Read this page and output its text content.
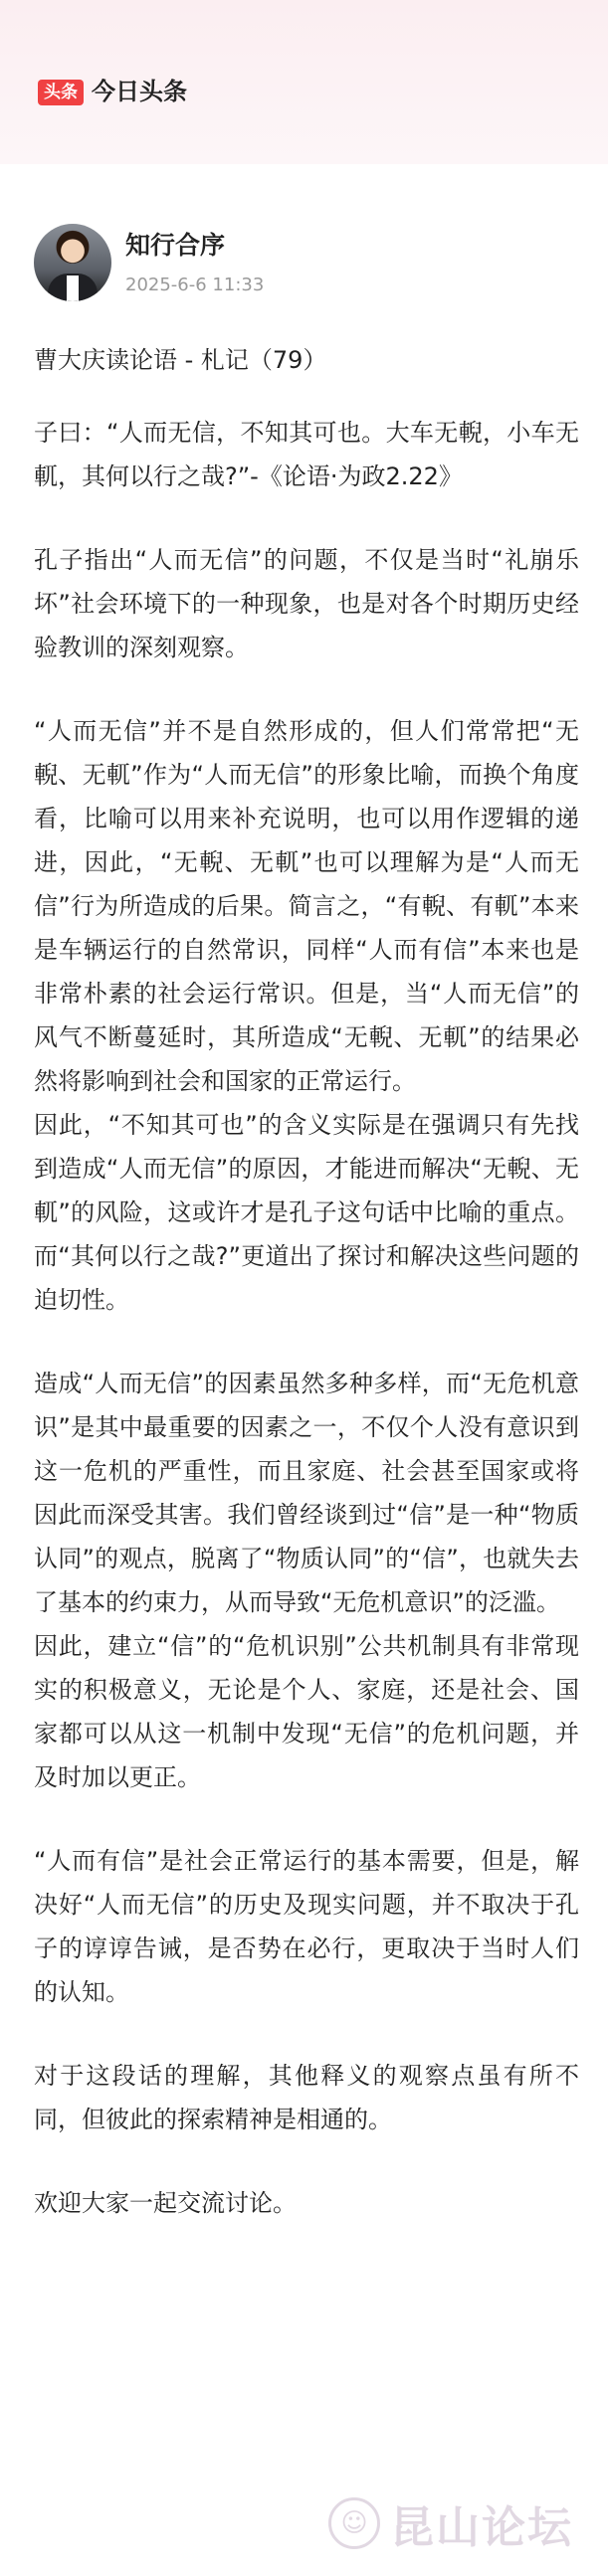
头条 今日头条
知行合序
2025-6-6 11:33
曹大庆读论语 - 札记（79）

子曰：“人而无信，不知其可也。大车无輗，小车无軏，其何以行之哉?”-《论语·为政2.22》

孔子指出“人而无信”的问题，不仅是当时“礼崩乐坏”社会环境下的一种现象，也是对各个时期历史经验教训的深刻观察。

“人而无信”并不是自然形成的，但人们常常把“无輗、无軏”作为“人而无信”的形象比喻，而换个角度看，比喻可以用来补充说明，也可以用作逻辑的递进，因此，“无輗、无軏”也可以理解为是“人而无信”行为所造成的后果。简言之，“有輗、有軏”本来是车辆运行的自然常识，同样“人而有信”本来也是非常朴素的社会运行常识。但是，当“人而无信”的风气不断蔓延时，其所造成“无輗、无軏”的结果必然将影响到社会和国家的正常运行。

因此，“不知其可也”的含义实际是在强调只有先找到造成“人而无信”的原因，才能进而解决“无輗、无軏”的风险，这或许才是孔子这句话中比喻的重点。而“其何以行之哉?”更道出了探讨和解决这些问题的迫切性。

造成“人而无信”的因素虽然多种多样，而“无危机意识”是其中最重要的因素之一，不仅个人没有意识到这一危机的严重性，而且家庭、社会甚至国家或将因此而深受其害。我们曾经谈到过“信”是一种“物质认同”的观点，脱离了“物质认同”的“信”，也就失去了基本的约束力，从而导致“无危机意识”的泛滥。

因此，建立“信”的“危机识别”公共机制具有非常现实的积极意义，无论是个人、家庭，还是社会、国家都可以从这一机制中发现“无信”的危机问题，并及时加以更正。

“人而有信”是社会正常运行的基本需要，但是，解决好“人而无信”的历史及现实问题，并不取决于孔子的谆谆告诫，是否势在必行，更取决于当时人们的认知。

对于这段话的理解，其他释义的观察点虽有所不同，但彼此的探索精神是相通的。

欢迎大家一起交流讨论。

☺ 昆山论坛
